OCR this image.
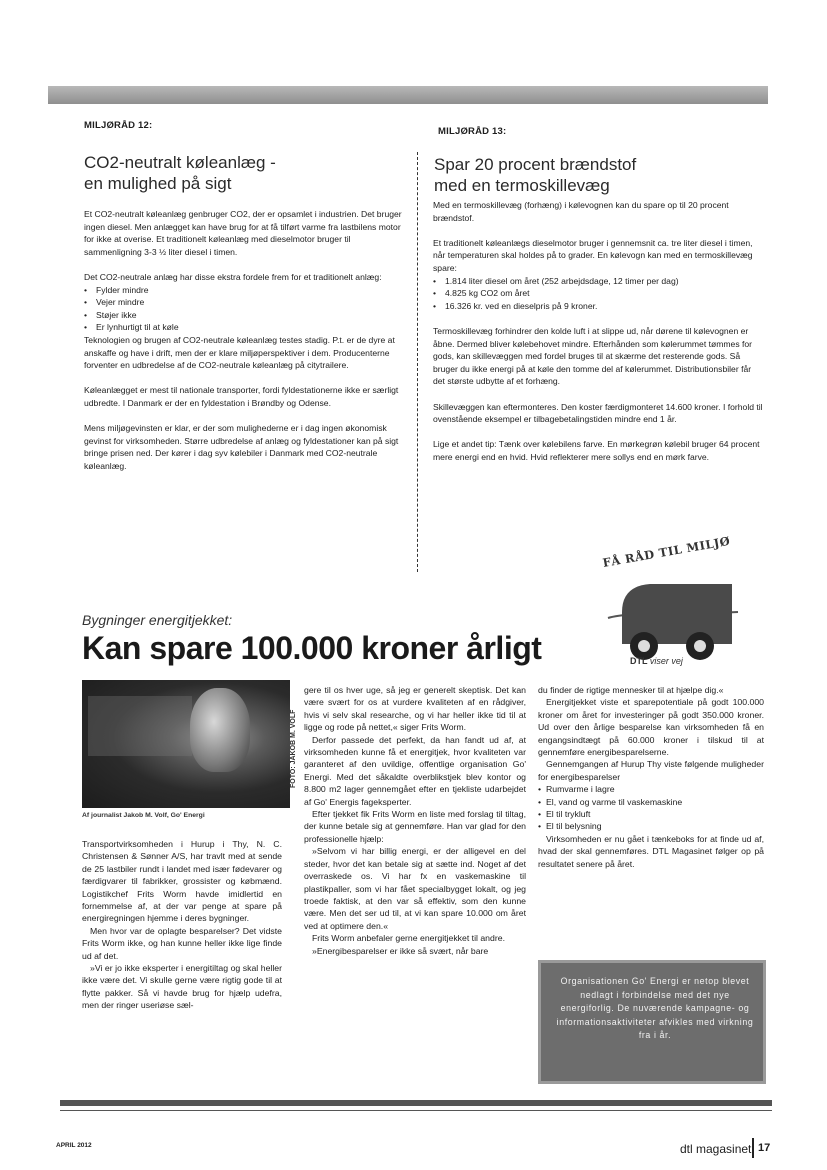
MILJØRÅD 12:
CO2-neutralt køleanlæg -
en mulighed på sigt

Et CO2-neutralt køleanlæg genbruger CO2, der er opsamlet i industrien. Det bruger ingen diesel. Men anlægget kan have brug for at få tilført varme fra lastbilens motor for ikke at overise. Et traditionelt køleanlæg med dieselmotor bruger til sammenligning 3-3 ½ liter diesel i timen.

Det CO2-neutrale anlæg har disse ekstra fordele frem for et traditionelt anlæg:

• Fylder mindre
• Vejer mindre
• Støjer ikke
• Er lynhurtigt til at køle

Teknologien og brugen af CO2-neutrale køleanlæg testes stadig. P.t. er de dyre at anskaffe og have i drift, men der er klare miljøperspektiver i dem. Producenterne forventer en udbredelse af de CO2-neutrale køleanlæg på citytrailere.

Køleanlægget er mest til nationale transporter, fordi fyldestationerne ikke er særligt udbredte. I Danmark er der en fyldestation i Brøndby og Odense.

Mens miljøgevinsten er klar, er der som mulighederne er i dag ingen økonomisk gevinst for virksomheden. Større udbredelse af anlæg og fyldestationer kan på sigt bringe prisen ned. Der kører i dag syv kølebiler i Danmark med CO2-neutrale køleanlæg.

MILJØRÅD 13:
Spar 20 procent brændstof
med en termoskillevæg

Med en termoskillevæg (forhæng) i kølevognen kan du spare op til 20 procent brændstof.

Et traditionelt køleanlægs dieselmotor bruger i gennemsnit ca. tre liter diesel i timen, når temperaturen skal holdes på to grader. En kølevogn kan med en termoskillevæg spare:

• 1.814 liter diesel om året (252 arbejdsdage, 12 timer per dag)
• 4.825 kg CO2 om året
• 16.326 kr. ved en dieselpris på 9 kroner.

Termoskillevæg forhindrer den kolde luft i at slippe ud, når dørene til kølevognen er åbne. Dermed bliver kølebehovet mindre. Efterhånden som kølerummet tømmes for gods, kan skillevæggen med fordel bruges til at skærme det resterende gods. Så bruger du ikke energi på at køle den tomme del af kølerummet. Distributionsbiler får det største udbytte af et forhæng.

Skillevæggen kan eftermonteres. Den koster færdigmonteret 14.600 kroner. I forhold til ovenstående eksempel er tilbagebetalingstiden mindre end 1 år.

Lige et andet tip: Tænk over kølebilens farve. En mørkegrøn kølebil bruger 64 procent mere energi end en hvid. Hvid reflekterer mere sollys end en mørk farve.

FÅ RÅD TIL MILJØ
DTL viser vej
Bygninger energitjekket:
Kan spare 100.000 kroner årligt
FOTO: JAKOB M. VOLF
Af journalist Jakob M. Volf, Go' Energi

Transportvirksomheden i Hurup i Thy, N. C. Christensen & Sønner A/S, har travlt med at sende de 25 lastbiler rundt i landet med især fødevarer og færdigvarer til fabrikker, grossister og købmænd. Logistikchef Frits Worm havde imidlertid en fornemmelse af, at der var penge at spare på energiregningen hjemme i deres bygninger.

Men hvor var de oplagte besparelser? Det vidste Frits Worm ikke, og han kunne heller ikke lige finde ud af det.

»Vi er jo ikke eksperter i energitiltag og skal heller ikke være det. Vi skulle gerne være rigtig gode til at flytte pakker. Så vi havde brug for hjælp udefra, men der ringer useriøse sæl-

gere til os hver uge, så jeg er generelt skeptisk. Det kan være svært for os at vurdere kvaliteten af en rådgiver, hvis vi selv skal researche, og vi har heller ikke tid til at ligge og rode på nettet,« siger Frits Worm.

Derfor passede det perfekt, da han fandt ud af, at virksomheden kunne få et energitjek, hvor kvaliteten var garanteret af den uvildige, offentlige organisation Go' Energi. Med det såkaldte overblikstjek blev kontor og 8.800 m2 lager gennemgået efter en tjekliste udarbejdet af Go' Energis fageksperter.

Efter tjekket fik Frits Worm en liste med forslag til tiltag, der kunne betale sig at gennemføre. Han var glad for den professionelle hjælp:

»Selvom vi har billig energi, er der alligevel en del steder, hvor det kan betale sig at sætte ind. Noget af det overraskede os. Vi har fx en vaskemaskine til plastikpaller, som vi har fået specialbygget lokalt, og jeg troede faktisk, at den var så effektiv, som den kunne være. Men det ser ud til, at vi kan spare 10.000 om året ved at optimere den.«

Frits Worm anbefaler gerne energitjekket til andre.

»Energibesparelser er ikke så svært, når bare

du finder de rigtige mennesker til at hjælpe dig.«

Energitjekket viste et sparepotentiale på godt 100.000 kroner om året for investeringer på godt 350.000 kroner. Ud over den årlige besparelse kan virksomheden få en engangsindtægt på 60.000 kroner i tilskud til at gennemføre energibesparelserne.

Gennemgangen af Hurup Thy viste følgende muligheder for energibesparelser

• Rumvarme i lagre
• El, vand og varme til vaskemaskine
• El til trykluft
• El til belysning

Virksomheden er nu gået i tænkeboks for at finde ud af, hvad der skal gennemføres. DTL Magasinet følger op på resultatet senere på året.

Organisationen Go' Energi er netop blevet nedlagt i forbindelse med det nye energiforlig. De nuværende kampagne- og informationsaktiviteter afvikles med virkning fra i år.
APRIL 2012	dtl magasinet 17
